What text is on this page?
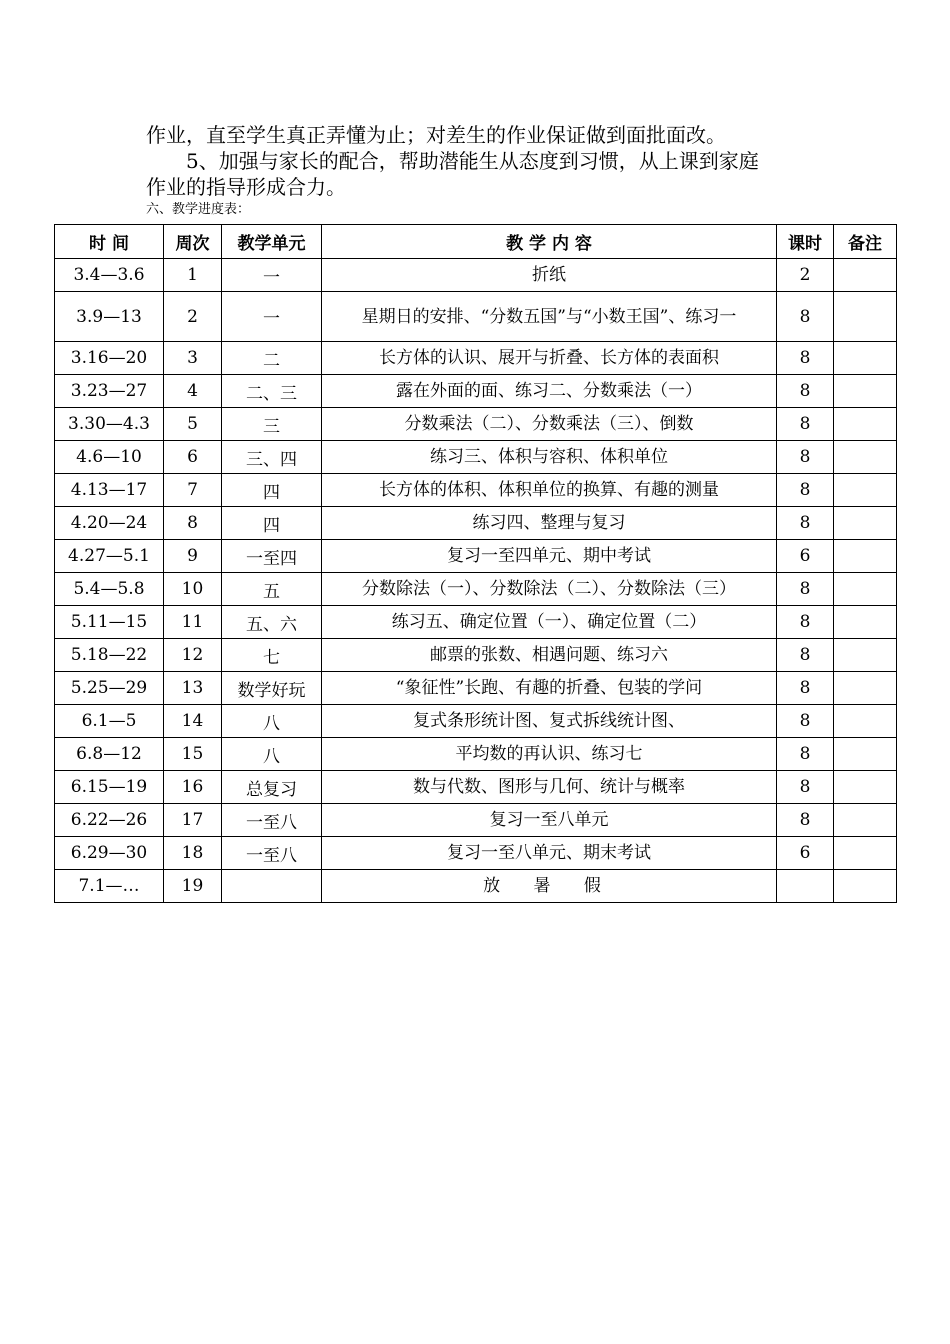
作业，直至学生真正弄懂为止；对差生的作业保证做到面批面改。
5、加强与家长的配合，帮助潜能生从态度到习惯，从上课到家庭
作业的指导形成合力。
六、教学进度表：
时 间	周次	教学单元	教 学 内 容	课时	备注
3.4—3.6	1	一	折纸	2	
3.9—13	2	一	星期日的安排、“分数五国”与“小数王国”、练习一	8	
3.16—20	3	二	长方体的认识、展开与折叠、长方体的表面积	8	
3.23—27	4	二、三	露在外面的面、练习二、分数乘法（一）	8	
3.30—4.3	5	三	分数乘法（二）、分数乘法（三）、倒数	8	
4.6—10	6	三、四	练习三、体积与容积、体积单位	8	
4.13—17	7	四	长方体的体积、体积单位的换算、有趣的测量	8	
4.20—24	8	四	练习四、整理与复习	8	
4.27—5.1	9	一至四	复习一至四单元、期中考试	6	
5.4—5.8	10	五	分数除法（一）、分数除法（二）、分数除法（三）	8	
5.11—15	11	五、六	练习五、确定位置（一）、确定位置（二）	8	
5.18—22	12	七	邮票的张数、相遇问题、练习六	8	
5.25—29	13	数学好玩	“象征性”长跑、有趣的折叠、包装的学问	8	
6.1—5	14	八	复式条形统计图、复式拆线统计图、	8	
6.8—12	15	八	平均数的再认识、练习七	8	
6.15—19	16	总复习	数与代数、图形与几何、统计与概率	8	
6.22—26	17	一至八	复习一至八单元	8	
6.29—30	18	一至八	复习一至八单元、期末考试	6	
7.1—…	19		放 暑 假		
